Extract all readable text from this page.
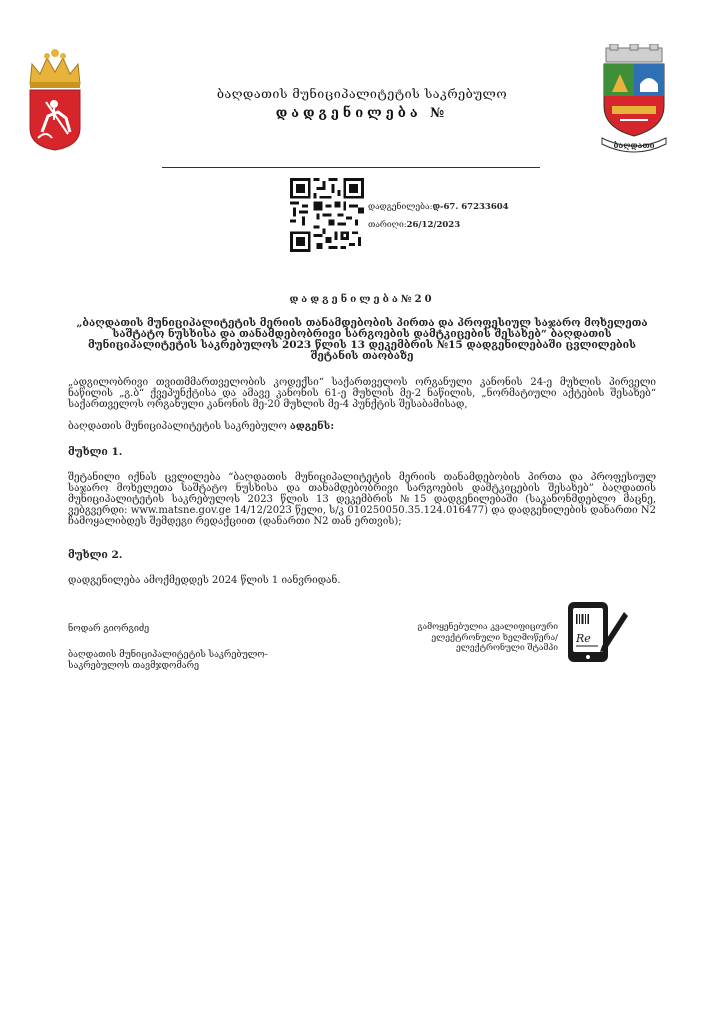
ბაღდათი
ბაღდათის მუნიციპალიტეტის საკრებულო
დადგენილება №
დადგენილება:დ-67. 67233604
თარიღი:26/12/2023
დადგენილება№20
„ბაღდათის მუნიციპალიტეტის მერიის თანამდებობის პირთა და პროფესიულ საჯარო მოხელეთა საშტატო ნუსხისა და თანამდებობრივი სარგოების დამტკიცების შესახებ“ ბაღდათის მუნიციპალიტეტის საკრებულოს 2023 წლის 13 დეკემბრის №15 დადგენილებაში ცვლილების შეტანის თაობაზე
„ადგილობრივი თვითმმართველობის კოდექსი“ საქართველოს ორგანული კანონის 24-ე მუხლის პირველი ნაწილის „გ.ბ“ ქვეპუნქტისა და ამავე კანონის 61-ე მუხლის მე-2 ნაწილის, „ნორმატიული აქტების შესახებ“ საქართველოს ორგანული კანონის მე-20 მუხლის მე-4 პუნქტის შესაბამისად,
ბაღდათის მუნიციპალიტეტის საკრებულო ადგენს:
მუხლი 1.
შეტანილი იქნას ცვლილება “ბაღდათის მუნიციპალიტეტის მერიის თანამდებობის პირთა და პროფესიულ საჯარო მოხელეთა საშტატო ნუსხისა და თანამდებობრივი სარგოების დამტკიცების შესახებ” ბაღდათის მუნიციპალიტეტის საკრებულოს 2023 წლის 13 დეკემბრის №15 დადგენილებაში (საკანონმდებლო მაცნე, ვებგვერდი: www.matsne.gov.ge 14/12/2023 წელი, ს/კ 010250050.35.124.016477) და დადგენილების დანართი N2 ჩამოყალიბდეს შემდეგი რედაქციით (დანართი N2 თან ერთვის);
მუხლი 2.
დადგენილება ამოქმედდეს 2024 წლის 1 იანვრიდან.
ნოდარ გიორგიძე
ბაღდათის მუნიციპალიტეტის საკრებულო-საკრებულოს თავმჯდომარე
გამოყენებულია კვალიფიციური
ელექტრონული ხელმოწერა/
ელექტრონული შტამპი
Re
